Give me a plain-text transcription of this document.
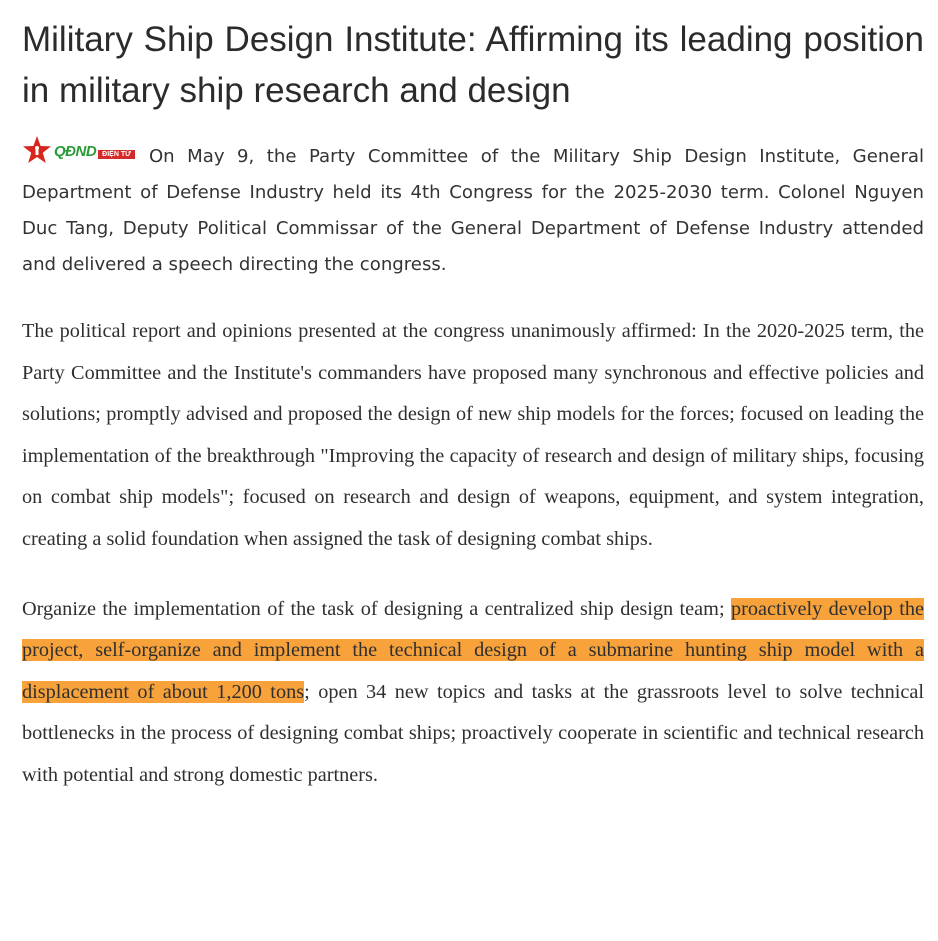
Military Ship Design Institute: Affirming its leading position in military ship research and design

QĐND ĐIỆN TỬ On May 9, the Party Committee of the Military Ship Design Institute, General Department of Defense Industry held its 4th Congress for the 2025-2030 term. Colonel Nguyen Duc Tang, Deputy Political Commissar of the General Department of Defense Industry attended and delivered a speech directing the congress.

The political report and opinions presented at the congress unanimously affirmed: In the 2020-2025 term, the Party Committee and the Institute's commanders have proposed many synchronous and effective policies and solutions; promptly advised and proposed the design of new ship models for the forces; focused on leading the implementation of the breakthrough "Improving the capacity of research and design of military ships, focusing on combat ship models"; focused on research and design of weapons, equipment, and system integration, creating a solid foundation when assigned the task of designing combat ships.

Organize the implementation of the task of designing a centralized ship design team; proactively develop the project, self-organize and implement the technical design of a submarine hunting ship model with a displacement of about 1,200 tons; open 34 new topics and tasks at the grassroots level to solve technical bottlenecks in the process of designing combat ships; proactively cooperate in scientific and technical research with potential and strong domestic partners.
